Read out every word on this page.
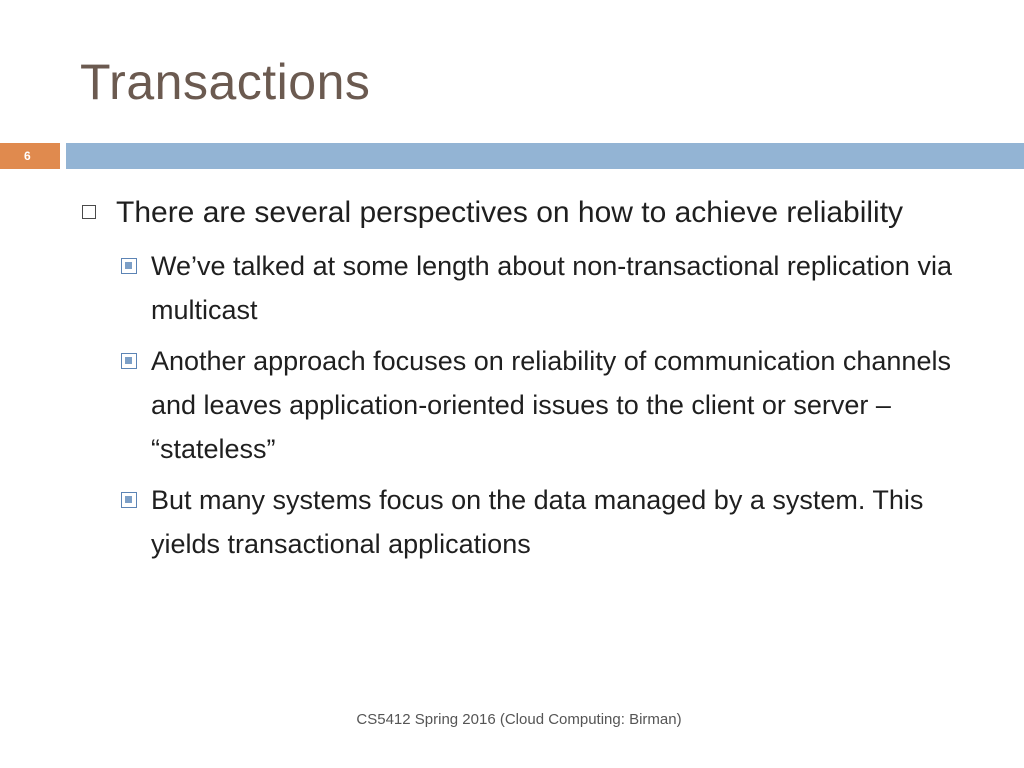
Transactions
6
There are several perspectives on how to achieve reliability
We’ve talked at some length about non-transactional replication via multicast
Another approach focuses on reliability of communication channels and leaves application-oriented issues to the client or server – “stateless”
But many systems focus on the data managed by a system. This yields transactional applications
CS5412 Spring 2016 (Cloud Computing: Birman)
